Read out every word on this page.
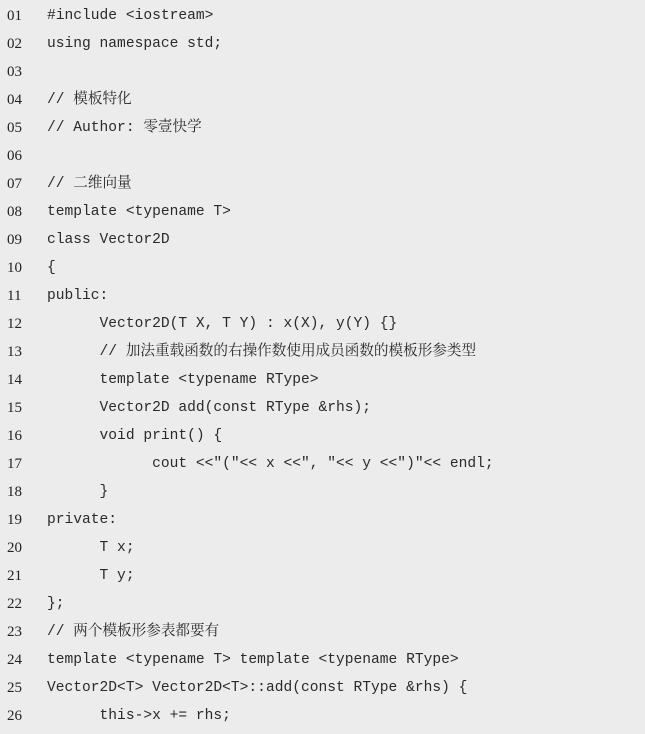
01	#include <iostream>
02	using namespace std;
03
04	// 模板特化
05	// Author: 零壹快学
06
07	// 二维向量
08	template <typename T>
09	class Vector2D
10	{
11	public:
12	Vector2D(T X, T Y) : x(X), y(Y) {}
13	// 加法重载函数的右操作数使用成员函数的模板形参类型
14	template <typename RType>
15	Vector2D add(const RType &rhs);
16	void print() {
17	cout <<"("<< x <<", "<< y <<")"<< endl;
18	}
19	private:
20	T x;
21	T y;
22	};
23	// 两个模板形参表都要有
24	template <typename T> template <typename RType>
25	Vector2D<T> Vector2D<T>::add(const RType &rhs) {
26	this->x += rhs;
